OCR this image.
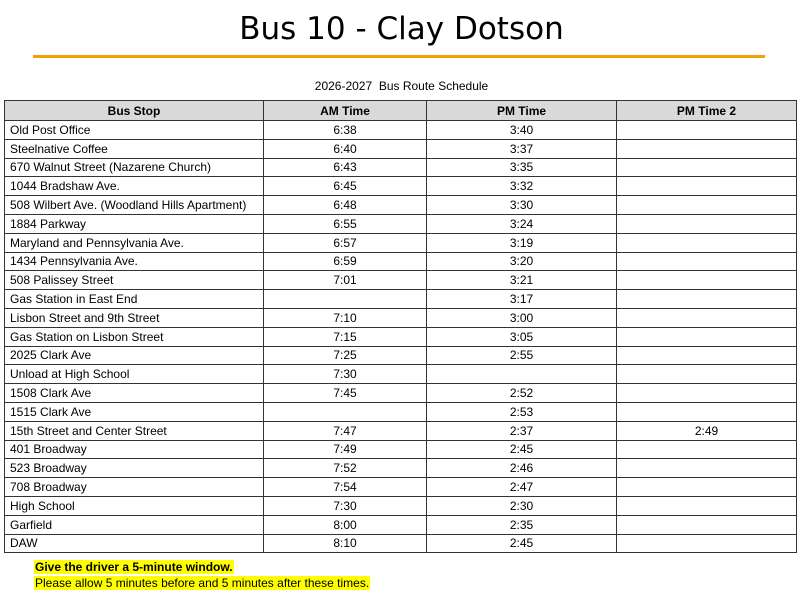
Bus 10 - Clay Dotson
2026-2027  Bus Route Schedule
Bus Stop	AM Time	PM Time	PM Time 2
Old Post Office	6:38	3:40	
Steelnative Coffee	6:40	3:37	
670 Walnut Street (Nazarene Church)	6:43	3:35	
1044 Bradshaw Ave.	6:45	3:32	
508 Wilbert Ave. (Woodland Hills Apartment)	6:48	3:30	
1884 Parkway	6:55	3:24	
Maryland and Pennsylvania Ave.	6:57	3:19	
1434 Pennsylvania Ave.	6:59	3:20	
508 Palissey Street	7:01	3:21	
Gas Station in East End		3:17	
Lisbon Street and 9th Street	7:10	3:00	
Gas Station on Lisbon Street	7:15	3:05	
2025 Clark Ave	7:25	2:55	
Unload at High School	7:30		
1508 Clark Ave	7:45	2:52	
1515 Clark Ave		2:53	
15th Street and Center Street	7:47	2:37	2:49
401 Broadway	7:49	2:45	
523 Broadway	7:52	2:46	
708 Broadway	7:54	2:47	
High School	7:30	2:30	
Garfield	8:00	2:35	
DAW	8:10	2:45	
Give the driver a 5-minute window.
Please allow 5 minutes before and 5 minutes after these times.
